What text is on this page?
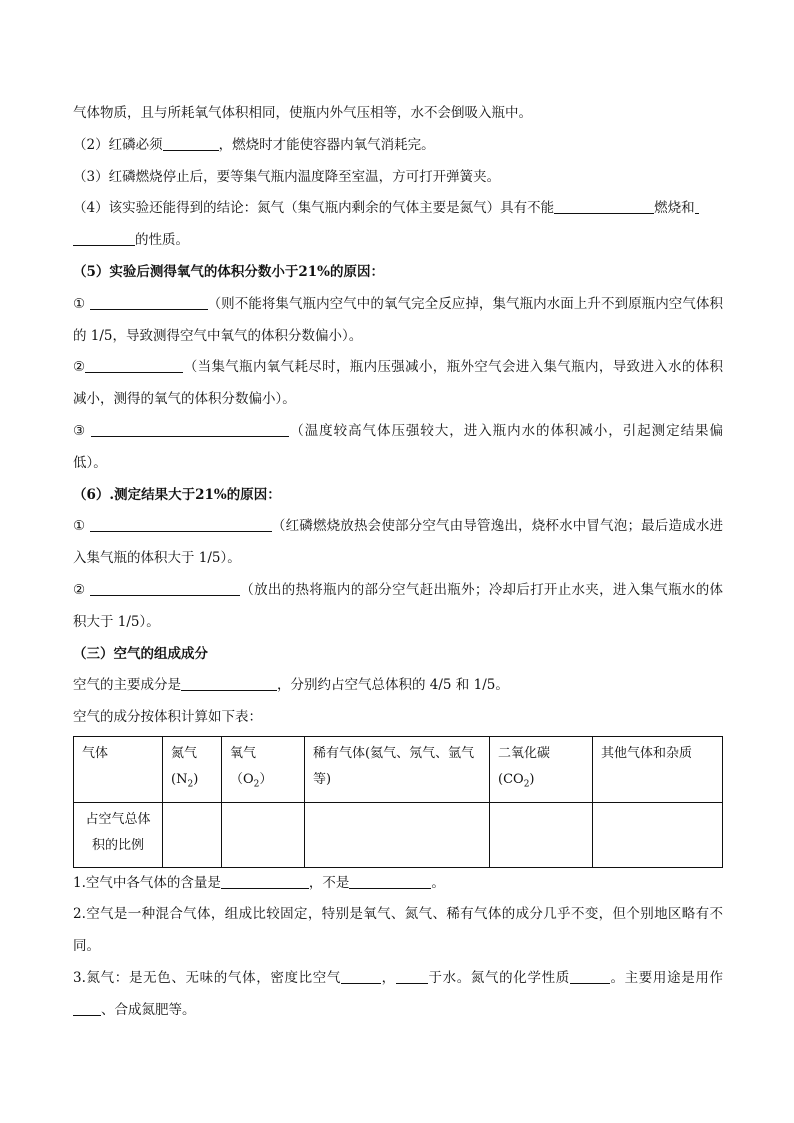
气体物质，且与所耗氧气体积相同，使瓶内外气压相等，水不会倒吸入瓶中。

（2）红磷必须	，燃烧时才能使容器内氧气消耗完。

（3）红磷燃烧停止后，要等集气瓶内温度降至室温，方可打开弹簧夹。

（4）该实验还能得到的结论：氮气（集气瓶内剩余的气体主要是氮气）具有不能	燃烧和
的性质。

（5）实验后测得氧气的体积分数小于21%的原因：

①	（则不能将集气瓶内空气中的氧气完全反应掉，集气瓶内水面上升不到原瓶内空气体积的 1/5，导致测得空气中氧气的体积分数偏小）。

②	（当集气瓶内氧气耗尽时，瓶内压强减小，瓶外空气会进入集气瓶内，导致进入水的体积减小，测得的氧气的体积分数偏小）。

③	（温度较高气体压强较大，进入瓶内水的体积减小，引起测定结果偏低）。

（6）.测定结果大于21%的原因：

①	（红磷燃烧放热会使部分空气由导管逸出，烧杯水中冒气泡；最后造成水进入集气瓶的体积大于 1/5）。

②	（放出的热将瓶内的部分空气赶出瓶外；冷却后打开止水夹，进入集气瓶水的体积大于 1/5）。

（三）空气的组成成分

空气的主要成分是	，分别约占空气总体积的 4/5 和 1/5。

空气的成分按体积计算如下表：

气体	氮气$(N_2)$	氧气$(O_2)$	稀有气体(氦气、氖气、氩气等)	二氧化碳$(CO_2)$	其他气体和杂质
占空气总体积的比例					

1.空气中各气体的含量是	，不是	。

2.空气是一种混合气体，组成比较固定，特别是氧气、氮气、稀有气体的成分几乎不变，但个别地区略有不同。

3.氮气：是无色、无味的气体，密度比空气	， 于水。氮气的化学性质	。主要用途是用作、合成氮肥等。
